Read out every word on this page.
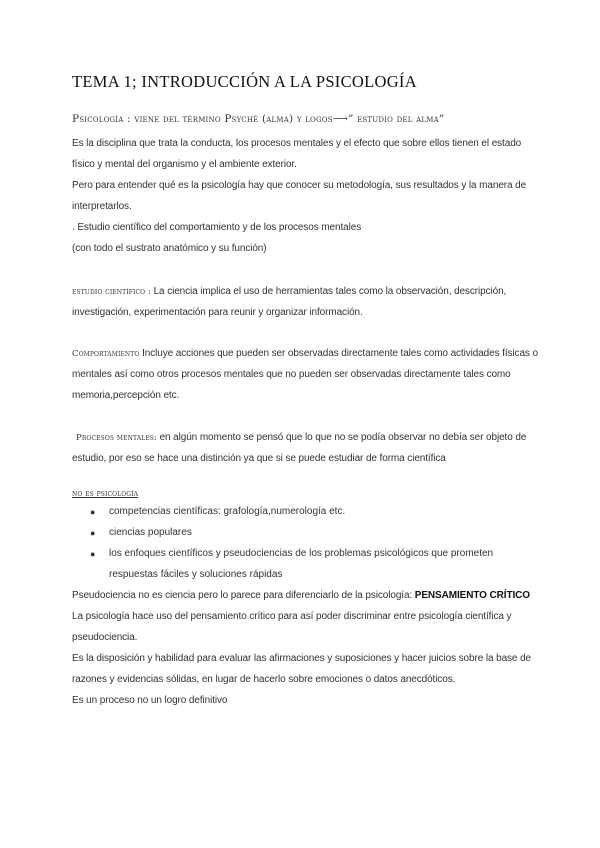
TEMA 1; INTRODUCCIÓN A LA PSICOLOGÍA
Psicología : viene del término Psyché (alma) y logos⟶” estudio del alma”
Es la disciplina que trata la conducta, los procesos mentales y el efecto que sobre ellos tienen el estado
físico y mental del organismo y el ambiente exterior.
Pero para entender qué es la psicología hay que conocer su metodología, sus resultados y la manera de
interpretarlos.
. Estudio científico del comportamiento y de los procesos mentales
(con todo el sustrato anatómico y su función)
estudio científico : La ciencia implica el uso de herramientas tales como la observación, descripción,
investigación, experimentación para reunir y organizar información.
Comportamiento Incluye acciones que pueden ser observadas directamente tales como actividades físicas o
mentales así como otros procesos mentales que no pueden ser observadas directamente tales como
memoria,percepción etc.
Procesos mentales: en algún momento se pensó que lo que no se podía observar no debía ser objeto de
estudio, por eso se hace una distinción ya que si se puede estudiar de forma científica
no es psicología
● competencias científicas: grafología,numerología etc.
● ciencias populares
● los enfoques científicos y pseudociencias de los problemas psicológicos que prometen
respuestas fáciles y soluciones rápidas
Pseudociencia no es ciencia pero lo parece para diferenciarlo de la psicología: PENSAMIENTO CRÍTICO
La psicología hace uso del pensamiento crítico para así poder discriminar entre psicología científica y
pseudociencia.
Es la disposición y habilidad para evaluar las afirmaciones y suposiciones y hacer juicios sobre la base de
razones y evidencias sólidas, en lugar de hacerlo sobre emociones o datos anecdóticos.
Es un proceso no un logro definitivo
